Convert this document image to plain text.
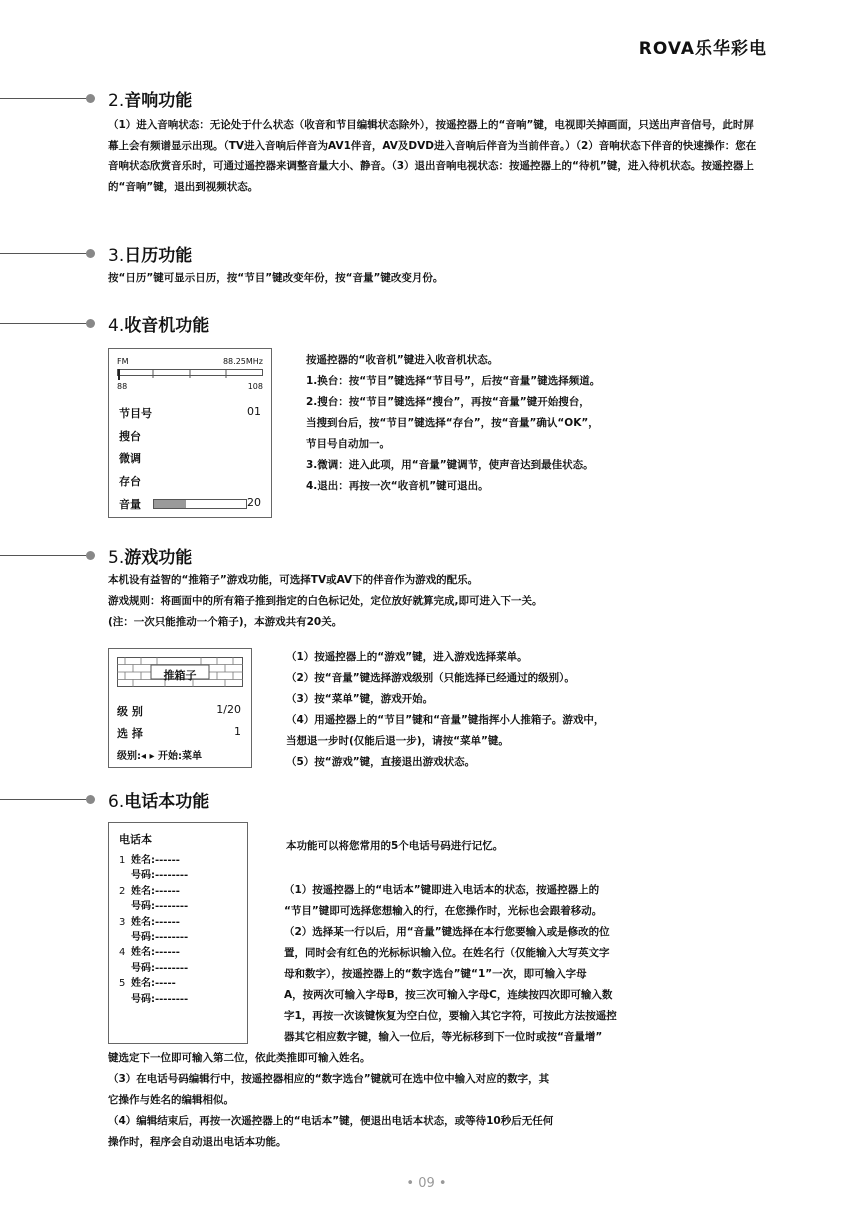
ROVA乐华彩电
2.音响功能
（1）进入音响状态：无论处于什么状态（收音和节目编辑状态除外），按遥控器上的“音响”键，电视即关掉画面，只送出声音信号，此时屏幕上会有频谱显示出现。（TV进入音响后伴音为AV1伴音，AV及DVD进入音响后伴音为当前伴音。）（2）音响状态下伴音的快速操作：您在音响状态欣赏音乐时，可通过遥控器来调整音量大小、静音。（3）退出音响电视状态：按遥控器上的“待机”键，进入待机状态。按遥控器上的“音响”键，退出到视频状态。
3.日历功能
按“日历”键可显示日历，按“节目”键改变年份，按“音量”键改变月份。
4.收音机功能
FM	88.25MHz
88	108
节目号	01
搜台
微调
存台
音量	20
按遥控器的“收音机”键进入收音机状态。
1.换台：按“节目”键选择“节目号”，后按“音量”键选择频道。
2.搜台：按“节目”键选择“搜台”，再按“音量”键开始搜台，
当搜到台后，按“节目”键选择“存台”，按“音量”确认“OK”，
节目号自动加一。
3.微调：进入此项，用“音量”键调节，使声音达到最佳状态。
4.退出：再按一次“收音机”键可退出。
5.游戏功能
本机设有益智的“推箱子”游戏功能，可选择TV或AV下的伴音作为游戏的配乐。
游戏规则：将画面中的所有箱子推到指定的白色标记处，定位放好就算完成,即可进入下一关。
(注：一次只能推动一个箱子)，本游戏共有20关。
推箱子
级 别	1/20
选 择	1
级别:◂ ▸ 开始:菜单
（1）按遥控器上的“游戏”键，进入游戏选择菜单。
（2）按“音量”键选择游戏级别（只能选择已经通过的级别）。
（3）按“菜单”键，游戏开始。
（4）用遥控器上的“节目”键和“音量”键指挥小人推箱子。游戏中，
当想退一步时(仅能后退一步)，请按“菜单”键。
（5）按“游戏”键，直接退出游戏状态。
6.电话本功能
电话本
1 姓名:------
号码:--------
2 姓名:------
号码:--------
3 姓名:------
号码:--------
4 姓名:------
号码:--------
5 姓名:-----
号码:--------
本功能可以将您常用的5个电话号码进行记忆。
（1）按遥控器上的“电话本”键即进入电话本的状态，按遥控器上的
“节目”键即可选择您想输入的行，在您操作时，光标也会跟着移动。
（2）选择某一行以后，用“音量”键选择在本行您要输入或是修改的位
置，同时会有红色的光标标识输入位。在姓名行（仅能输入大写英文字
母和数字），按遥控器上的“数字选台”键“1”一次，即可输入字母
A，按两次可输入字母B，按三次可输入字母C，连续按四次即可输入数
字1，再按一次该键恢复为空白位，要输入其它字符，可按此方法按遥控
器其它相应数字键，输入一位后，等光标移到下一位时或按“音量增”
键选定下一位即可输入第二位，依此类推即可输入姓名。
（3）在电话号码编辑行中，按遥控器相应的“数字选台”键就可在选中位中输入对应的数字，其
它操作与姓名的编辑相似。
（4）编辑结束后，再按一次遥控器上的“电话本”键，便退出电话本状态，或等待10秒后无任何
操作时，程序会自动退出电话本功能。
• 09 •
